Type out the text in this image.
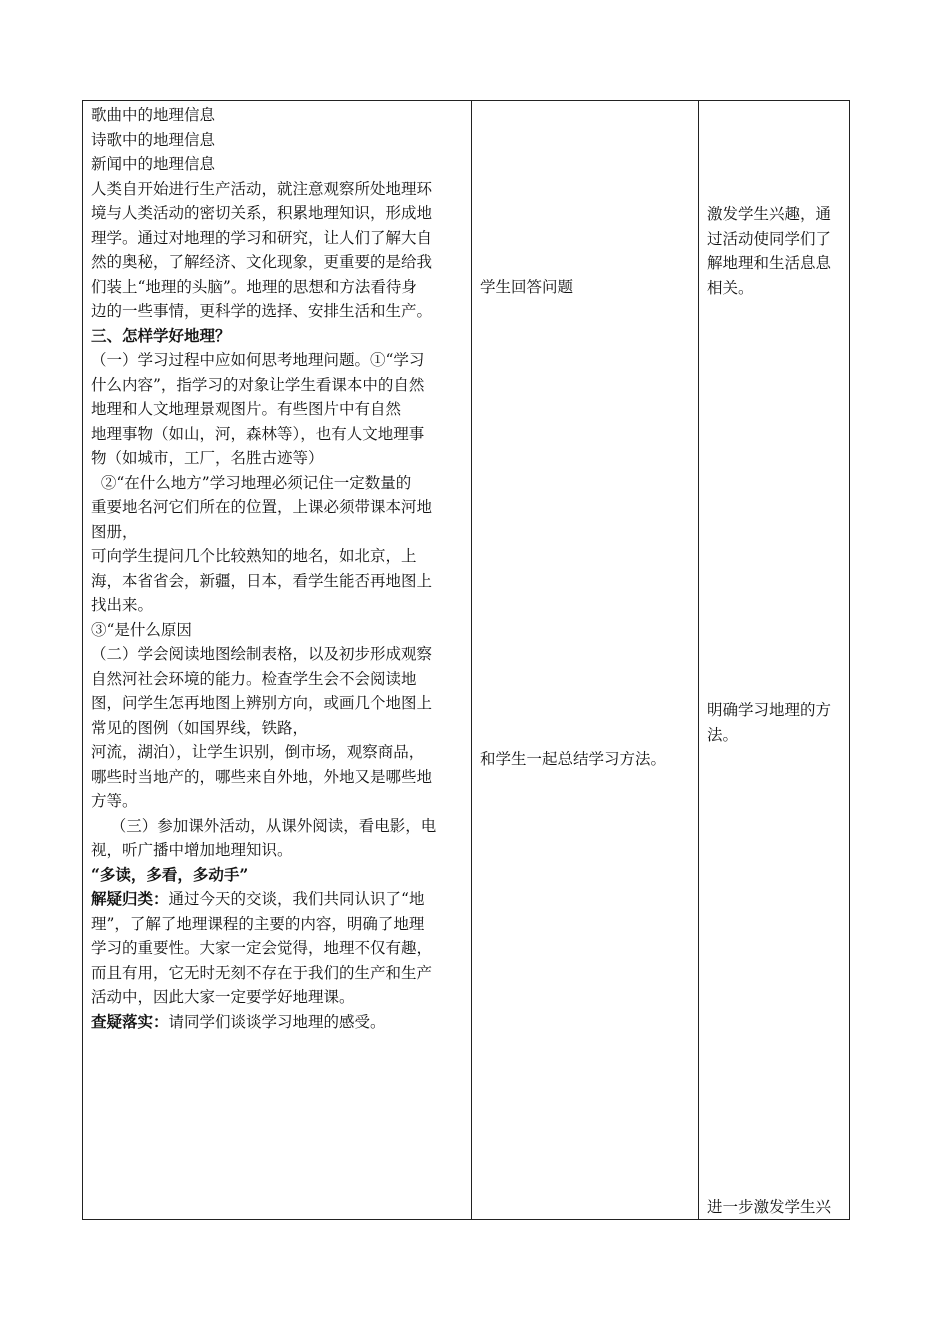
歌曲中的地理信息
诗歌中的地理信息
新闻中的地理信息
人类自开始进行生产活动，就注意观察所处地理环
境与人类活动的密切关系，积累地理知识，形成地
理学。通过对地理的学习和研究，让人们了解大自
然的奥秘，了解经济、文化现象，更重要的是给我
们装上“地理的头脑”。地理的思想和方法看待身
边的一些事情，更科学的选择、安排生活和生产。
三、怎样学好地理？
（一）学习过程中应如何思考地理问题。①“学习
什么内容”，指学习的对象让学生看课本中的自然
地理和人文地理景观图片。有些图片中有自然
地理事物（如山，河，森林等），也有人文地理事
物（如城市，工厂，名胜古迹等）
②“在什么地方”学习地理必须记住一定数量的
重要地名河它们所在的位置，上课必须带课本河地
图册，
可向学生提问几个比较熟知的地名，如北京，上
海，本省省会，新疆，日本，看学生能否再地图上
找出来。
③“是什么原因
（二）学会阅读地图绘制表格，以及初步形成观察
自然河社会环境的能力。检查学生会不会阅读地
图，问学生怎再地图上辨别方向，或画几个地图上
常见的图例（如国界线，铁路，
河流，湖泊），让学生识别，倒市场，观察商品，
哪些时当地产的，哪些来自外地，外地又是哪些地
方等。
（三）参加课外活动，从课外阅读，看电影，电
视，听广播中增加地理知识。
“多读，多看，多动手”
解疑归类：通过今天的交谈，我们共同认识了“地
理”，了解了地理课程的主要的内容，明确了地理
学习的重要性。大家一定会觉得，地理不仅有趣，
而且有用，它无时无刻不存在于我们的生产和生产
活动中，因此大家一定要学好地理课。
查疑落实：请同学们谈谈学习地理的感受。
学生回答问题
和学生一起总结学习方法。
激发学生兴趣，通
过活动使同学们了
解地理和生活息息
相关。
明确学习地理的方
法。
进一步激发学生兴
